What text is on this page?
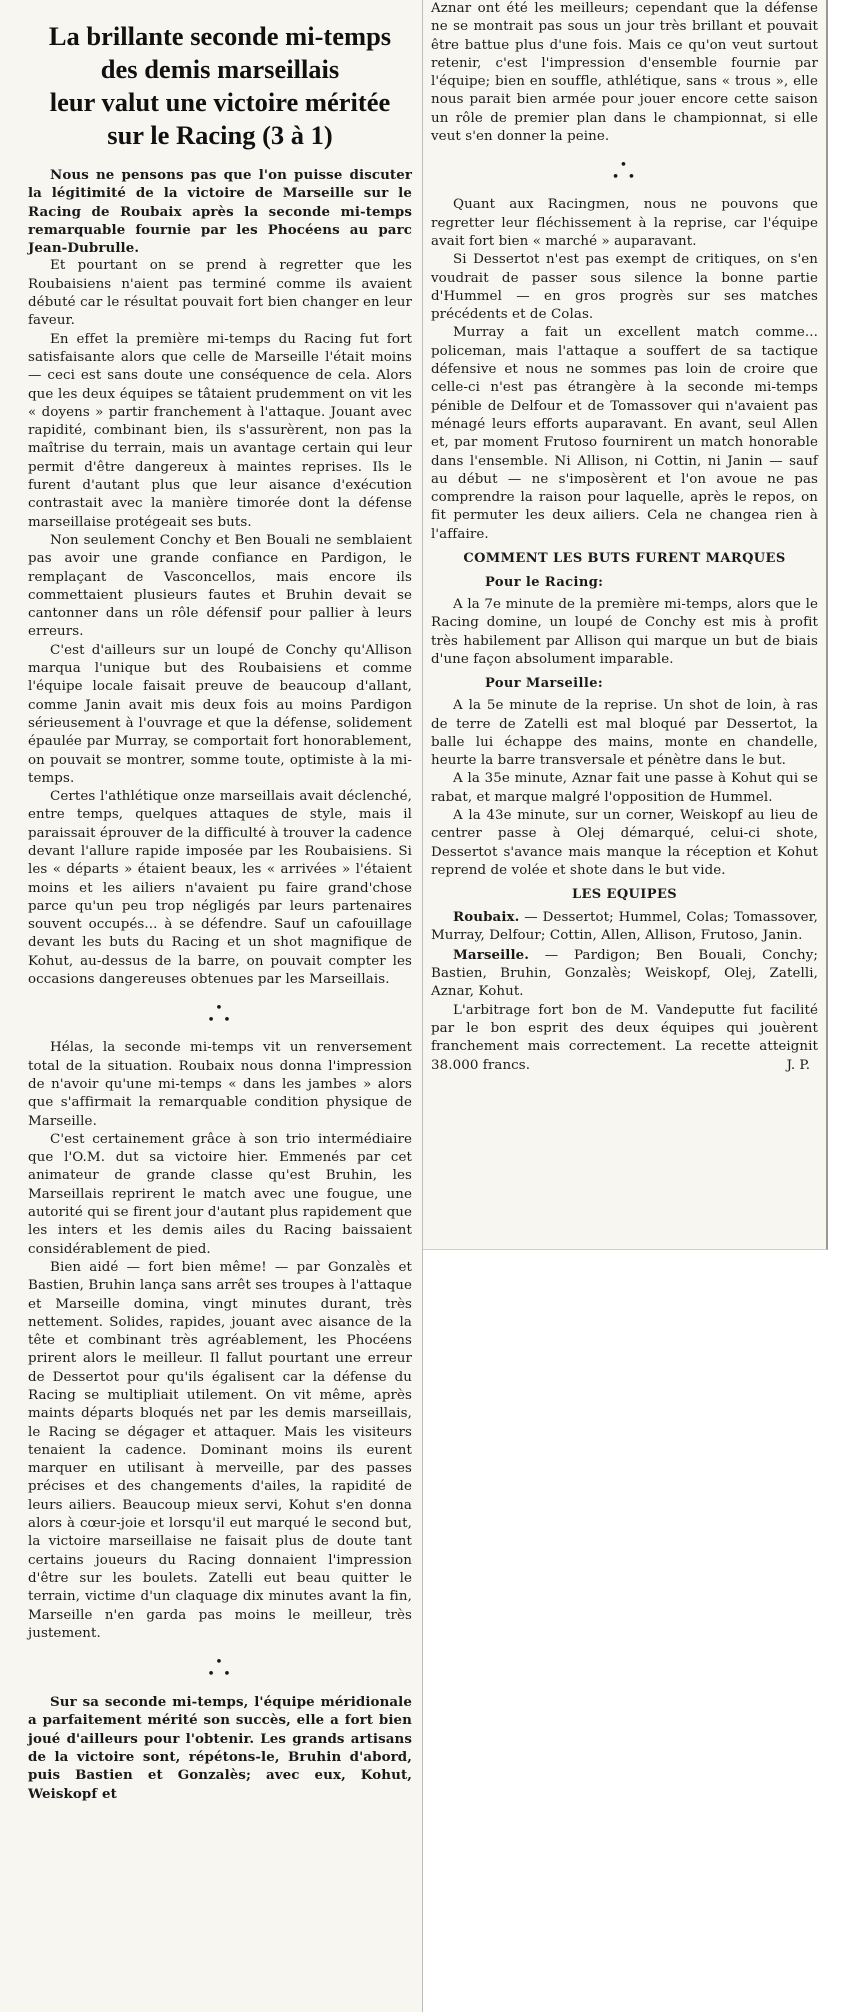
La brillante seconde mi-temps
des demis marseillais
leur valut une victoire méritée
sur le Racing (3 à 1)

Nous ne pensons pas que l'on puisse discuter la légitimité de la victoire de Marseille sur le Racing de Roubaix après la seconde mi-temps remarquable fournie par les Phocéens au parc Jean-Dubrulle.

Et pourtant on se prend à regretter que les Roubaisiens n'aient pas terminé comme ils avaient débuté car le résultat pouvait fort bien changer en leur faveur.

En effet la première mi-temps du Racing fut fort satisfaisante alors que celle de Marseille l'était moins — ceci est sans doute une conséquence de cela. Alors que les deux équipes se tâtaient prudemment on vit les « doyens » partir franchement à l'attaque. Jouant avec rapidité, combinant bien, ils s'assurèrent, non pas la maîtrise du terrain, mais un avantage certain qui leur permit d'être dangereux à maintes reprises. Ils le furent d'autant plus que leur aisance d'exécution contrastait avec la manière timorée dont la défense marseillaise protégeait ses buts.

Non seulement Conchy et Ben Bouali ne semblaient pas avoir une grande confiance en Pardigon, le remplaçant de Vasconcellos, mais encore ils commettaient plusieurs fautes et Bruhin devait se cantonner dans un rôle défensif pour pallier à leurs erreurs.

C'est d'ailleurs sur un loupé de Conchy qu'Allison marqua l'unique but des Roubaisiens et comme l'équipe locale faisait preuve de beaucoup d'allant, comme Janin avait mis deux fois au moins Pardigon sérieusement à l'ouvrage et que la défense, solidement épaulée par Murray, se comportait fort honorablement, on pouvait se montrer, somme toute, optimiste à la mi-temps.

Certes l'athlétique onze marseillais avait déclenché, entre temps, quelques attaques de style, mais il paraissait éprouver de la difficulté à trouver la cadence devant l'allure rapide imposée par les Roubaisiens. Si les « départs » étaient beaux, les « arrivées » l'étaient moins et les ailiers n'avaient pu faire grand'chose parce qu'un peu trop négligés par leurs partenaires souvent occupés... à se défendre. Sauf un cafouillage devant les buts du Racing et un shot magnifique de Kohut, au-dessus de la barre, on pouvait compter les occasions dangereuses obtenues par les Marseillais.

•
• •

Hélas, la seconde mi-temps vit un renversement total de la situation. Roubaix nous donna l'impression de n'avoir qu'une mi-temps « dans les jambes » alors que s'affirmait la remarquable condition physique de Marseille.

C'est certainement grâce à son trio intermédiaire que l'O.M. dut sa victoire hier. Emmenés par cet animateur de grande classe qu'est Bruhin, les Marseillais reprirent le match avec une fougue, une autorité qui se firent jour d'autant plus rapidement que les inters et les demis ailes du Racing baissaient considérablement de pied.

Bien aidé — fort bien même! — par Gonzalès et Bastien, Bruhin lança sans arrêt ses troupes à l'attaque et Marseille domina, vingt minutes durant, très nettement. Solides, rapides, jouant avec aisance de la tête et combinant très agréablement, les Phocéens prirent alors le meilleur. Il fallut pourtant une erreur de Dessertot pour qu'ils égalisent car la défense du Racing se multipliait utilement. On vit même, après maints départs bloqués net par les demis marseillais, le Racing se dégager et attaquer. Mais les visiteurs tenaient la cadence. Dominant moins ils eurent marquer en utilisant à merveille, par des passes précises et des changements d'ailes, la rapidité de leurs ailiers. Beaucoup mieux servi, Kohut s'en donna alors à cœur-joie et lorsqu'il eut marqué le second but, la victoire marseillaise ne faisait plus de doute tant certains joueurs du Racing donnaient l'impression d'être sur les boulets. Zatelli eut beau quitter le terrain, victime d'un claquage dix minutes avant la fin, Marseille n'en garda pas moins le meilleur, très justement.

•
• •

Sur sa seconde mi-temps, l'équipe méridionale a parfaitement mérité son succès, elle a fort bien joué d'ailleurs pour l'obtenir. Les grands artisans de la victoire sont, répétons-le, Bruhin d'abord, puis Bastien et Gonzalès; avec eux, Kohut, Weiskopf et

Aznar ont été les meilleurs; cependant que la défense ne se montrait pas sous un jour très brillant et pouvait être battue plus d'une fois. Mais ce qu'on veut surtout retenir, c'est l'impression d'ensemble fournie par l'équipe; bien en souffle, athlétique, sans « trous », elle nous parait bien armée pour jouer encore cette saison un rôle de premier plan dans le championnat, si elle veut s'en donner la peine.

•
• •

Quant aux Racingmen, nous ne pouvons que regretter leur fléchissement à la reprise, car l'équipe avait fort bien « marché » auparavant.

Si Dessertot n'est pas exempt de critiques, on s'en voudrait de passer sous silence la bonne partie d'Hummel — en gros progrès sur ses matches précédents et de Colas.

Murray a fait un excellent match comme... policeman, mais l'attaque a souffert de sa tactique défensive et nous ne sommes pas loin de croire que celle-ci n'est pas étrangère à la seconde mi-temps pénible de Delfour et de Tomassover qui n'avaient pas ménagé leurs efforts auparavant. En avant, seul Allen et, par moment Frutoso fournirent un match honorable dans l'ensemble. Ni Allison, ni Cottin, ni Janin — sauf au début — ne s'imposèrent et l'on avoue ne pas comprendre la raison pour laquelle, après le repos, on fit permuter les deux ailiers. Cela ne changea rien à l'affaire.

COMMENT LES BUTS FURENT MARQUES
Pour le Racing:

A la 7e minute de la première mi-temps, alors que le Racing domine, un loupé de Conchy est mis à profit très habilement par Allison qui marque un but de biais d'une façon absolument imparable.

Pour Marseille:

A la 5e minute de la reprise. Un shot de loin, à ras de terre de Zatelli est mal bloqué par Dessertot, la balle lui échappe des mains, monte en chandelle, heurte la barre transversale et pénètre dans le but.

A la 35e minute, Aznar fait une passe à Kohut qui se rabat, et marque malgré l'opposition de Hummel.

A la 43e minute, sur un corner, Weiskopf au lieu de centrer passe à Olej démarqué, celui-ci shote, Dessertot s'avance mais manque la réception et Kohut reprend de volée et shote dans le but vide.

LES EQUIPES

Roubaix. — Dessertot; Hummel, Colas; Tomassover, Murray, Delfour; Cottin, Allen, Allison, Frutoso, Janin.

Marseille. — Pardigon; Ben Bouali, Conchy; Bastien, Bruhin, Gonzalès; Weiskopf, Olej, Zatelli, Aznar, Kohut.

L'arbitrage fort bon de M. Vandeputte fut facilité par le bon esprit des deux équipes qui jouèrent franchement mais correctement. La recette atteignit 38.000 francs.	J. P.
